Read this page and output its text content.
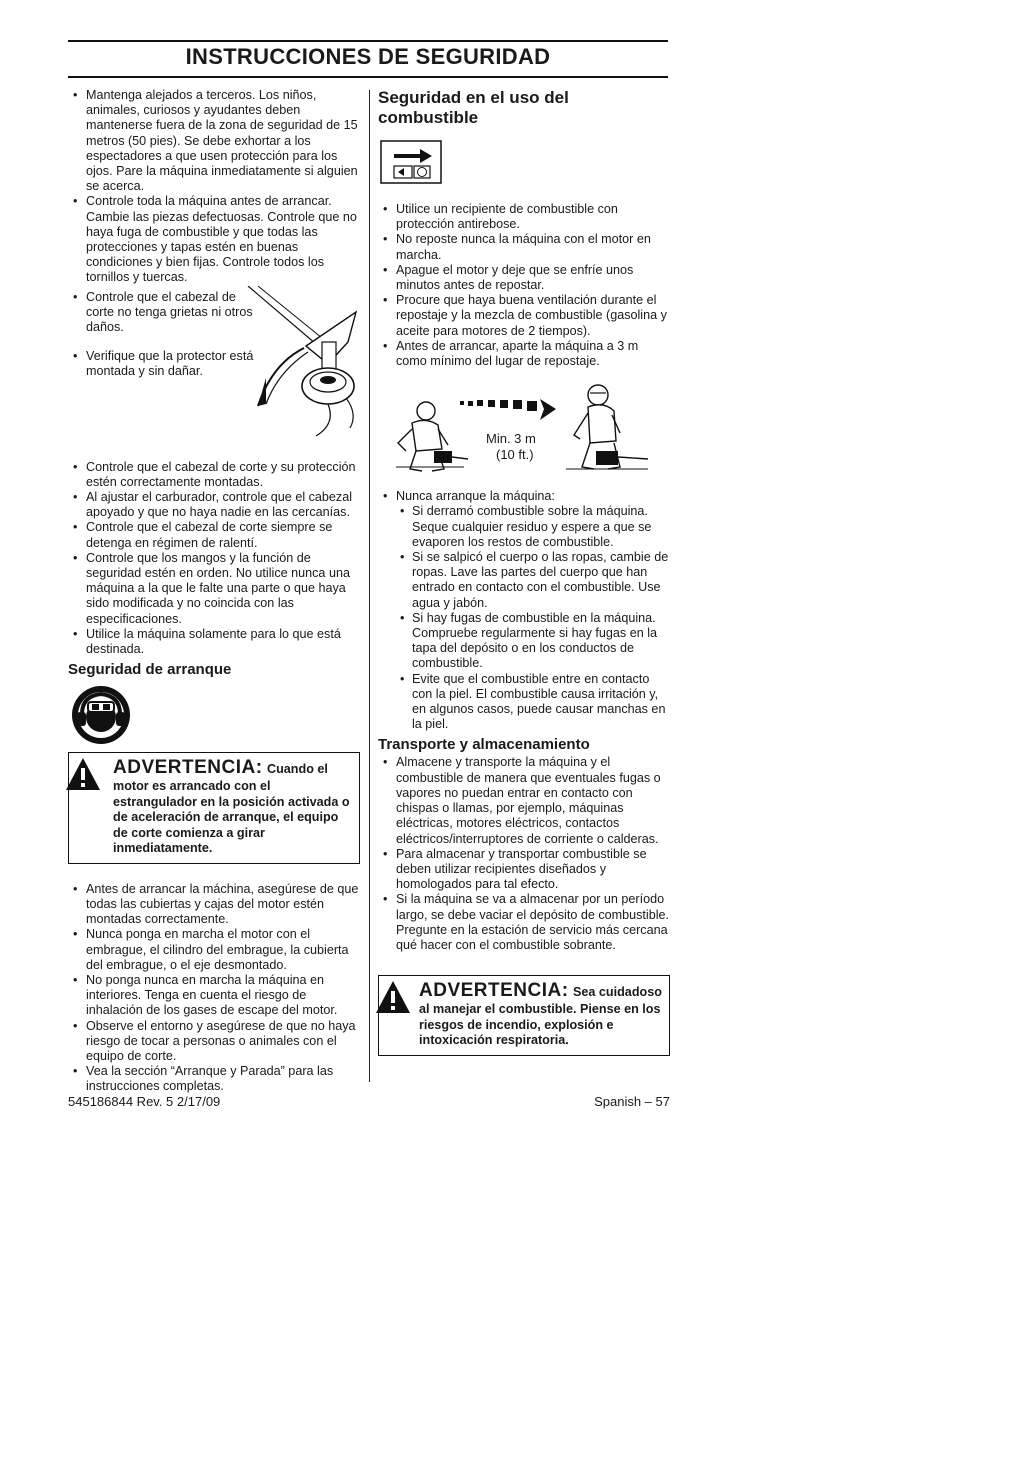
INSTRUCCIONES DE SEGURIDAD
• Mantenga alejados a terceros. Los niños, animales, curiosos y ayudantes deben mantenerse fuera de la zona de seguridad de 15 metros (50 pies). Se debe exhortar a los espectadores a que usen protección para los ojos. Pare la máquina inmediatamente si alguien se acerca.
• Controle toda la máquina antes de arrancar. Cambie las piezas defectuosas. Controle que no haya fuga de combustible y que todas las protecciones y tapas estén en buenas condiciones y bien fijas. Controle todos los tornillos y tuercas.
• Controle que el cabezal de corte no tenga grietas ni otros daños.
• Verifique que la protector está montada y sin dañar.
• Controle que el cabezal de corte y su protección estén correctamente montadas.
• Al ajustar el carburador, controle que el cabezal apoyado y que no haya nadie en las cercanías.
• Controle que el cabezal de corte siempre se detenga en régimen de ralentí.
• Controle que los mangos y la función de seguridad estén en orden. No utilice nunca una máquina a la que le falte una parte o que haya sido modificada y no coincida con las especificaciones.
• Utilice la máquina solamente para lo que está destinada.
Seguridad de arranque
ADVERTENCIA: Cuando el
motor es arrancado con el estrangulador en la posición activada o de aceleración de arranque, el equipo de corte comienza a girar inmediatamente.
• Antes de arrancar la máchina, asegúrese de que todas las cubiertas y cajas del motor estén montadas correctamente.
• Nunca ponga en marcha el motor con el embrague, el cilindro del embrague, la cubierta del embrague, o el eje desmontado.
• No ponga nunca en marcha la máquina en interiores. Tenga en cuenta el riesgo de inhalación de los gases de escape del motor.
• Observe el entorno y asegúrese de que no haya riesgo de tocar a personas o animales con el equipo de corte.
• Vea la sección “Arranque y Parada” para las instrucciones completas.
Seguridad en el uso del combustible
• Utilice un recipiente de combustible con protección antirebose.
• No reposte nunca la máquina con el motor en marcha.
• Apague el motor y deje que se enfríe unos minutos antes de repostar.
• Procure que haya buena ventilación durante el repostaje y la mezcla de combustible (gasolina y aceite para motores de 2 tiempos).
• Antes de arrancar, aparte la máquina a 3 m como mínimo del lugar de repostaje.
Min. 3 m
(10 ft.)
• Nunca arranque la máquina:
• Si derramó combustible sobre la máquina. Seque cualquier residuo y espere a que se evaporen los restos de combustible.
• Si se salpicó el cuerpo o las ropas, cambie de ropas. Lave las partes del cuerpo que han entrado en contacto con el combustible. Use agua y jabón.
• Si hay fugas de combustible en la máquina. Compruebe regularmente si hay fugas en la tapa del depósito o en los conductos de combustible.
• Evite que el combustible entre en contacto con la piel. El combustible causa irritación y, en algunos casos, puede causar manchas en la piel.
Transporte y almacenamiento
• Almacene y transporte la máquina y el combustible de manera que eventuales fugas o vapores no puedan entrar en contacto con chispas o llamas, por ejemplo, máquinas eléctricas, motores eléctricos, contactos eléctricos/interruptores de corriente o calderas.
• Para almacenar y transportar combustible se deben utilizar recipientes diseñados y homologados para tal efecto.
• Si la máquina se va a almacenar por un período largo, se debe vaciar el depósito de combustible. Pregunte en la estación de servicio más cercana qué hacer con el combustible sobrante.
ADVERTENCIA: Sea cuidadoso
al manejar el combustible. Piense en los riesgos de incendio, explosión e intoxicación respiratoria.
545186844 Rev. 5 2/17/09	Spanish – 57
